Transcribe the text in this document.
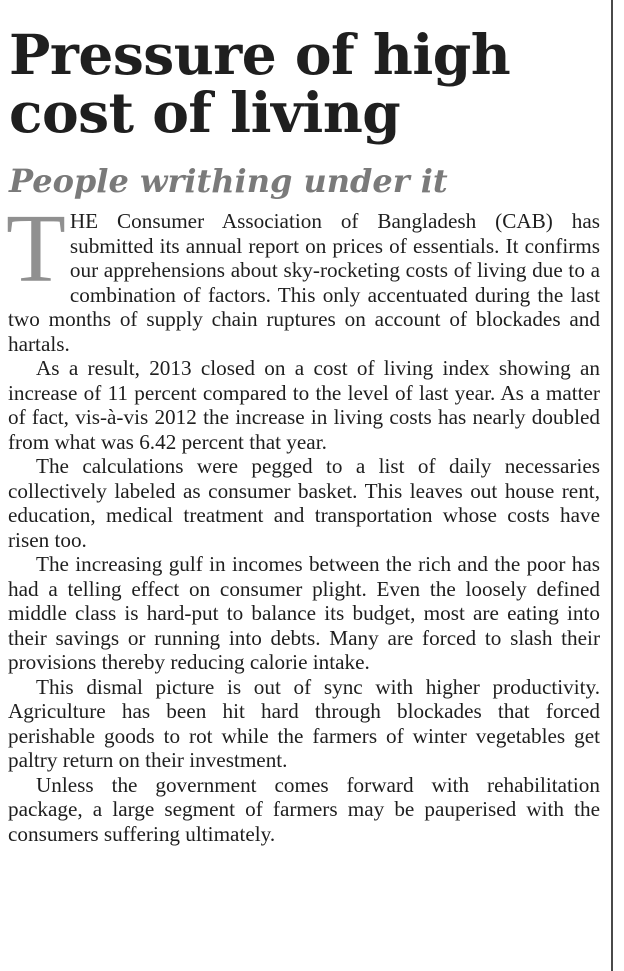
Pressure of high cost of living
People writhing under it

THE Consumer Association of Bangladesh (CAB) has submitted its annual report on prices of essentials. It confirms our apprehensions about sky-rocketing costs of living due to a combination of factors. This only accentuated during the last two months of supply chain ruptures on account of blockades and hartals.

As a result, 2013 closed on a cost of living index showing an increase of 11 percent compared to the level of last year. As a matter of fact, vis-à-vis 2012 the increase in living costs has nearly doubled from what was 6.42 percent that year.

The calculations were pegged to a list of daily necessaries collectively labeled as consumer basket. This leaves out house rent, education, medical treatment and transportation whose costs have risen too.

The increasing gulf in incomes between the rich and the poor has had a telling effect on consumer plight. Even the loosely defined middle class is hard-put to balance its budget, most are eating into their savings or running into debts. Many are forced to slash their provisions thereby reducing calorie intake.

This dismal picture is out of sync with higher productivity. Agriculture has been hit hard through blockades that forced perishable goods to rot while the farmers of winter vegetables get paltry return on their investment.

Unless the government comes forward with rehabilitation package, a large segment of farmers may be pauperised with the consumers suffering ultimately.
